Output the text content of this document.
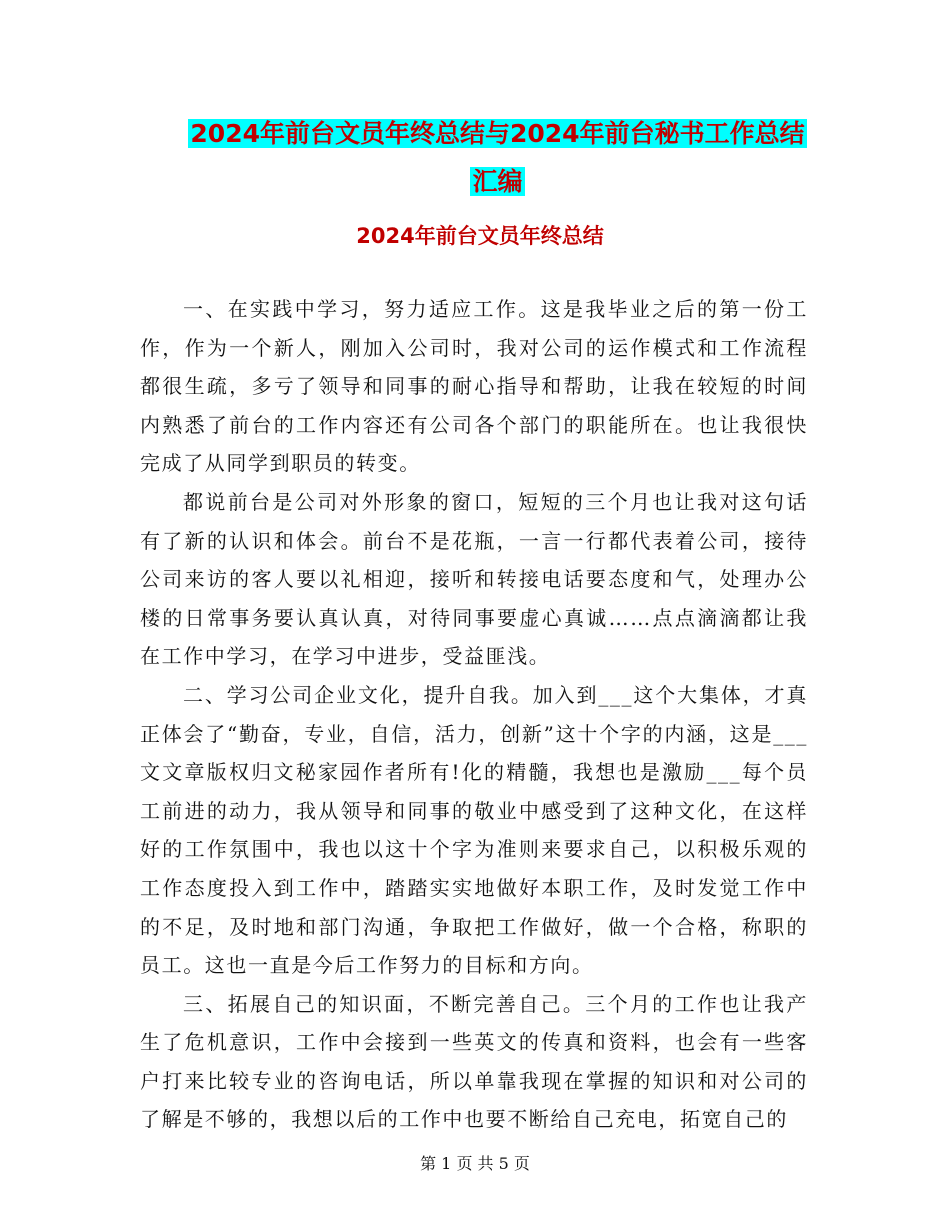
2024年前台文员年终总结与2024年前台秘书工作总结
汇编
2024年前台文员年终总结

一、在实践中学习，努力适应工作。这是我毕业之后的第一份工作，作为一个新人，刚加入公司时，我对公司的运作模式和工作流程都很生疏，多亏了领导和同事的耐心指导和帮助，让我在较短的时间内熟悉了前台的工作内容还有公司各个部门的职能所在。也让我很快完成了从同学到职员的转变。

都说前台是公司对外形象的窗口，短短的三个月也让我对这句话有了新的认识和体会。前台不是花瓶，一言一行都代表着公司，接待公司来访的客人要以礼相迎，接听和转接电话要态度和气，处理办公楼的日常事务要认真认真，对待同事要虚心真诚……点点滴滴都让我在工作中学习，在学习中进步，受益匪浅。

二、学习公司企业文化，提升自我。加入到___这个大集体，才真正体会了“勤奋，专业，自信，活力，创新”这十个字的内涵，这是___文文章版权归文秘家园作者所有!化的精髓，我想也是激励___每个员工前进的动力，我从领导和同事的敬业中感受到了这种文化，在这样好的工作氛围中，我也以这十个字为准则来要求自己，以积极乐观的工作态度投入到工作中，踏踏实实地做好本职工作，及时发觉工作中的不足，及时地和部门沟通，争取把工作做好，做一个合格，称职的员工。这也一直是今后工作努力的目标和方向。

三、拓展自己的知识面，不断完善自己。三个月的工作也让我产生了危机意识，工作中会接到一些英文的传真和资料，也会有一些客户打来比较专业的咨询电话，所以单靠我现在掌握的知识和对公司的了解是不够的，我想以后的工作中也要不断给自己充电，拓宽自己的

第 1 页 共 5 页
